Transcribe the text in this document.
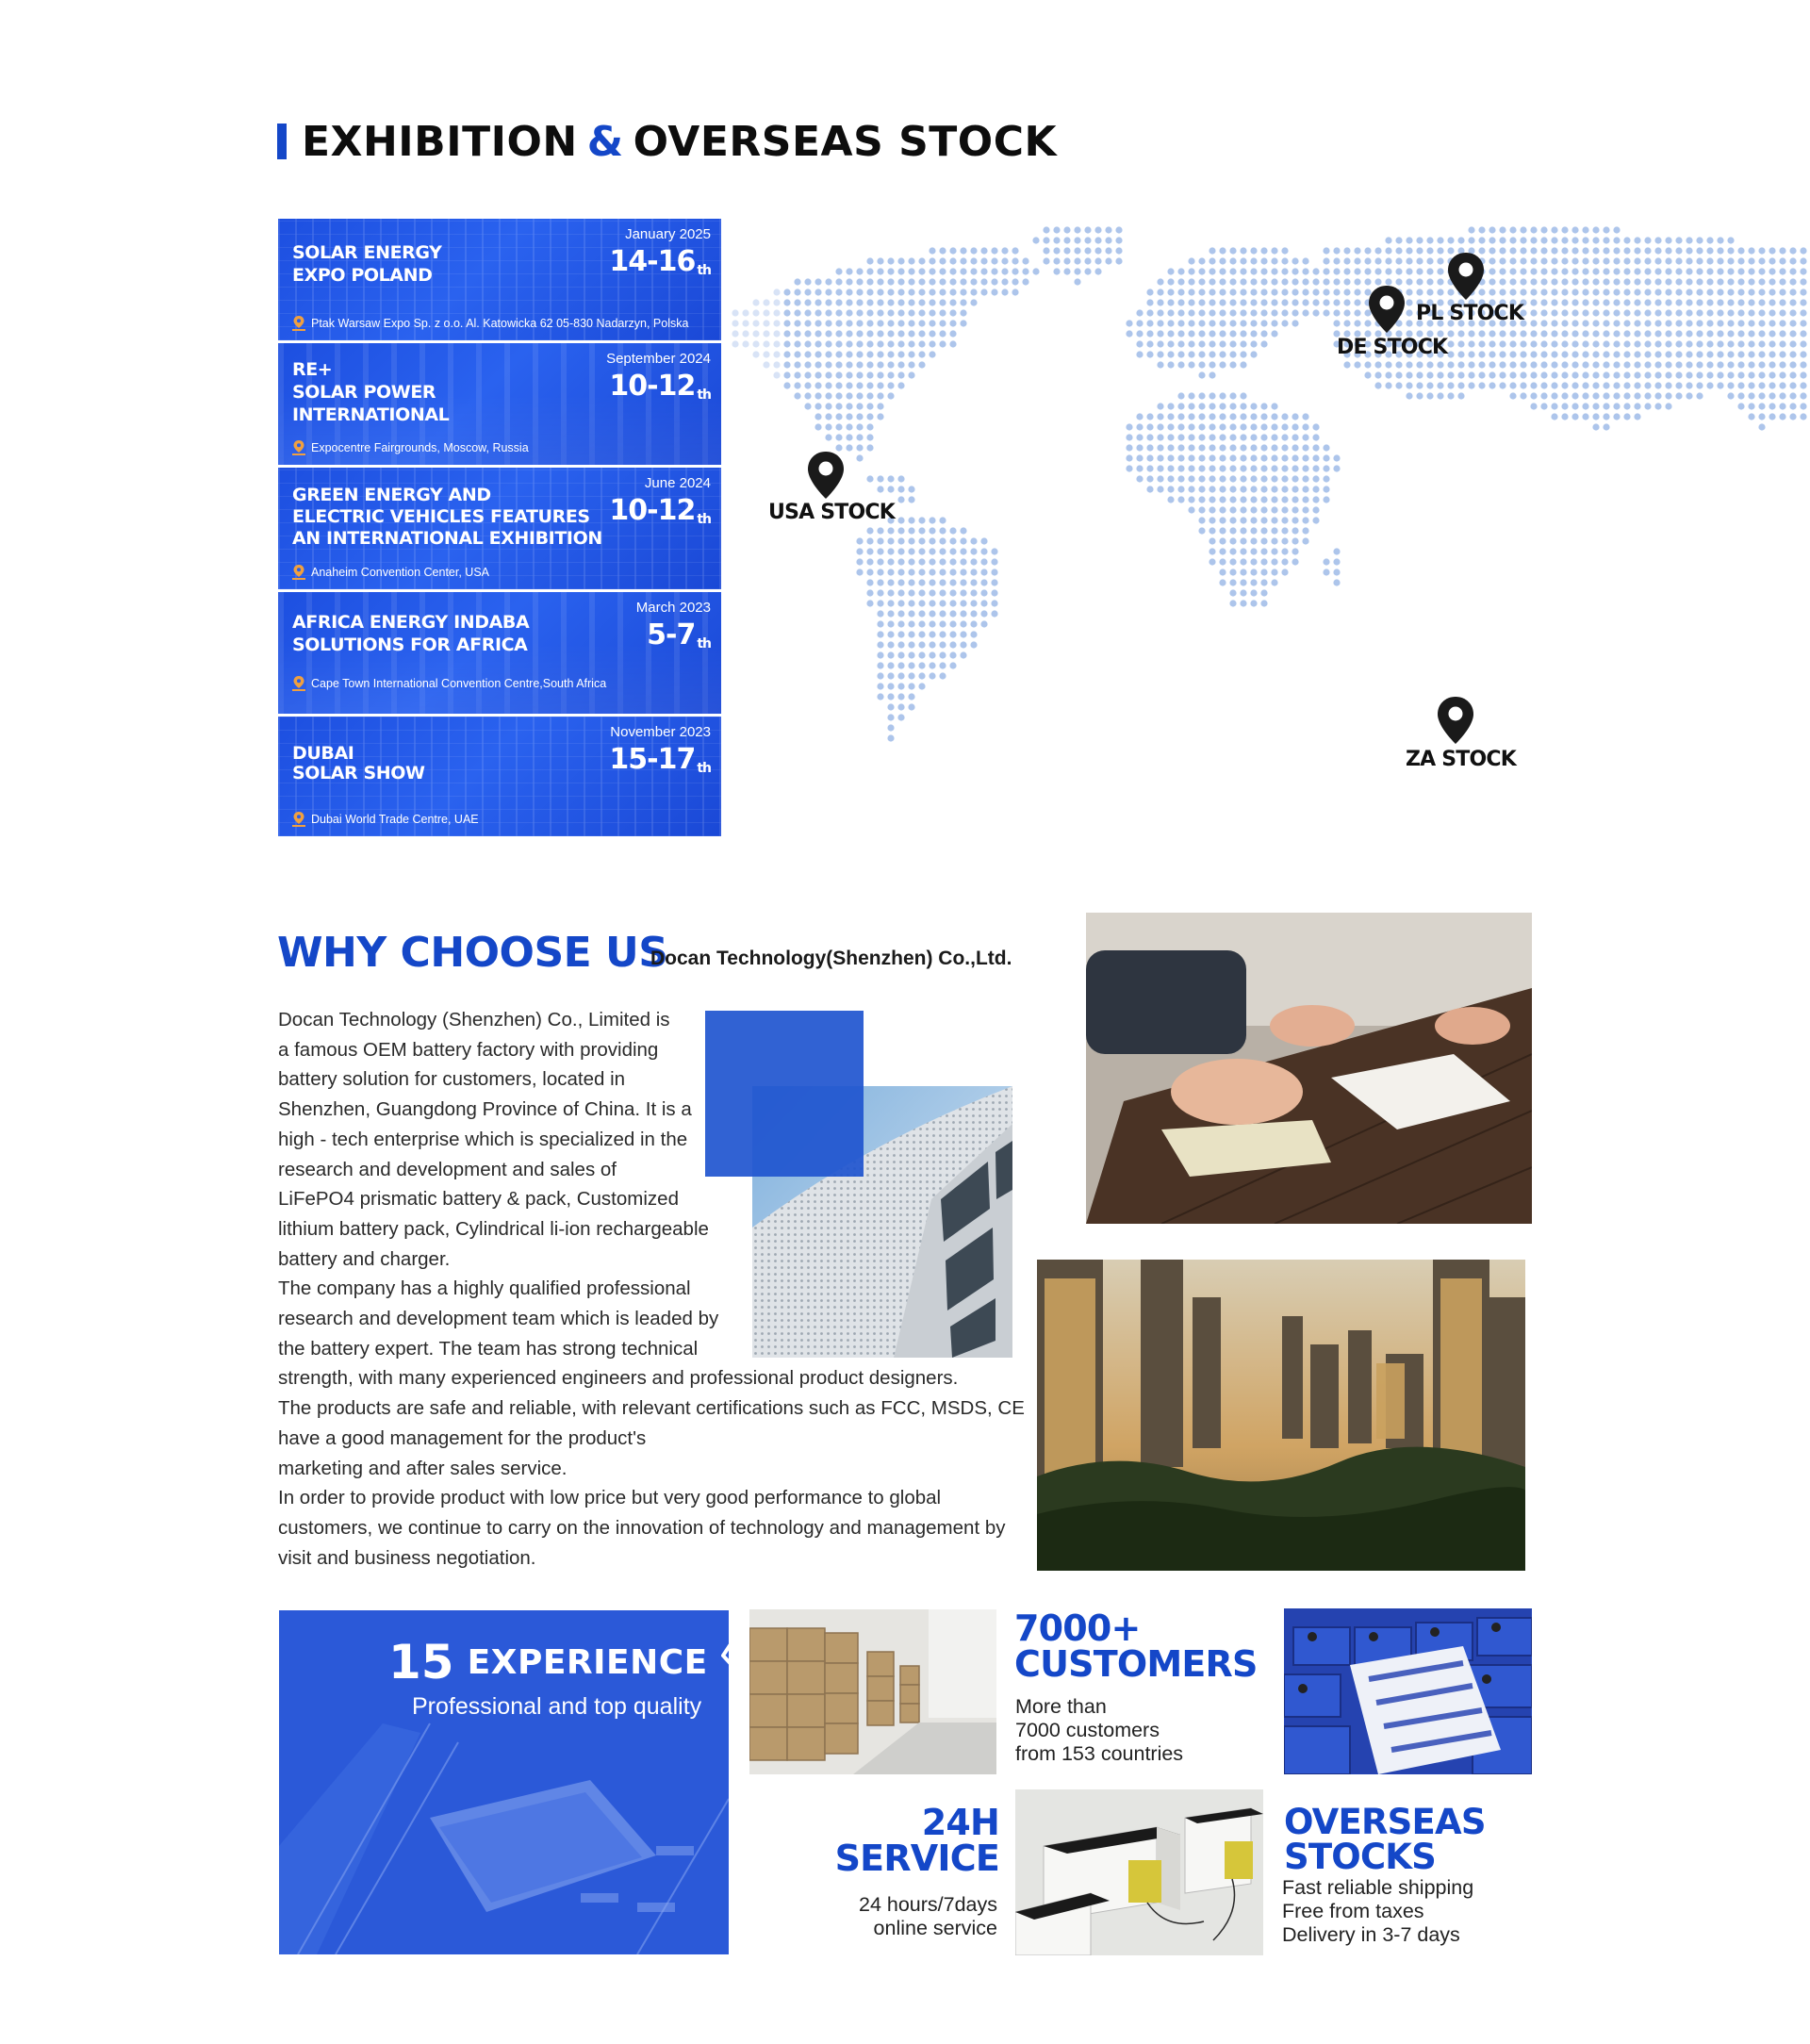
EXHIBITION & OVERSEAS STOCK
SOLAR ENERGY
EXPO POLAND
January 2025
14-16 $_{th}$
Ptak Warsaw Expo Sp. z o.o. Al. Katowicka 62 05-830 Nadarzyn, Polska
RE+
SOLAR POWER
INTERNATIONAL
September 2024
10-12 $_{th}$
Expocentre Fairgrounds, Moscow, Russia
GREEN ENERGY AND
ELECTRIC VEHICLES FEATURES
AN INTERNATIONAL EXHIBITION
June 2024
10-12 $_{th}$
Anaheim Convention Center, USA
AFRICA ENERGY INDABA
SOLUTIONS FOR AFRICA
March 2023
5-7 $_{th}$
Cape Town International Convention Centre,South Africa
DUBAI
SOLAR SHOW
November 2023
15-17 $_{th}$
Dubai World Trade Centre, UAE
USA STOCK
DE STOCK
PL STOCK
ZA STOCK
WHY CHOOSE US
Docan Technology(Shenzhen) Co.,Ltd.

Docan Technology (Shenzhen) Co., Limited is
a famous OEM battery factory with providing
battery solution for customers, located in
Shenzhen, Guangdong Province of China. It is a
high - tech enterprise which is specialized in the
research and development and sales of
LiFePO4 prismatic battery & pack, Customized
lithium battery pack, Cylindrical li-ion rechargeable
battery and charger.

The company has a highly qualified professional
research and development team which is leaded by
the battery expert. The team has strong technical
strength, with many experienced engineers and professional product designers.

The products are safe and reliable, with relevant certifications such as FCC, MSDS, CE
have a good management for the product's
marketing and after sales service.

In order to provide product with low price but very good performance to global
customers, we continue to carry on the innovation of technology and management by
visit and business negotiation.

15 EXPERIENCE
Professional and top quality
7000+
CUSTOMERS
More than
7000 customers
from 153 countries
24H
SERVICE
24 hours/7days
online service
OVERSEAS
STOCKS
Fast reliable shipping
Free from taxes
Delivery in 3-7 days
